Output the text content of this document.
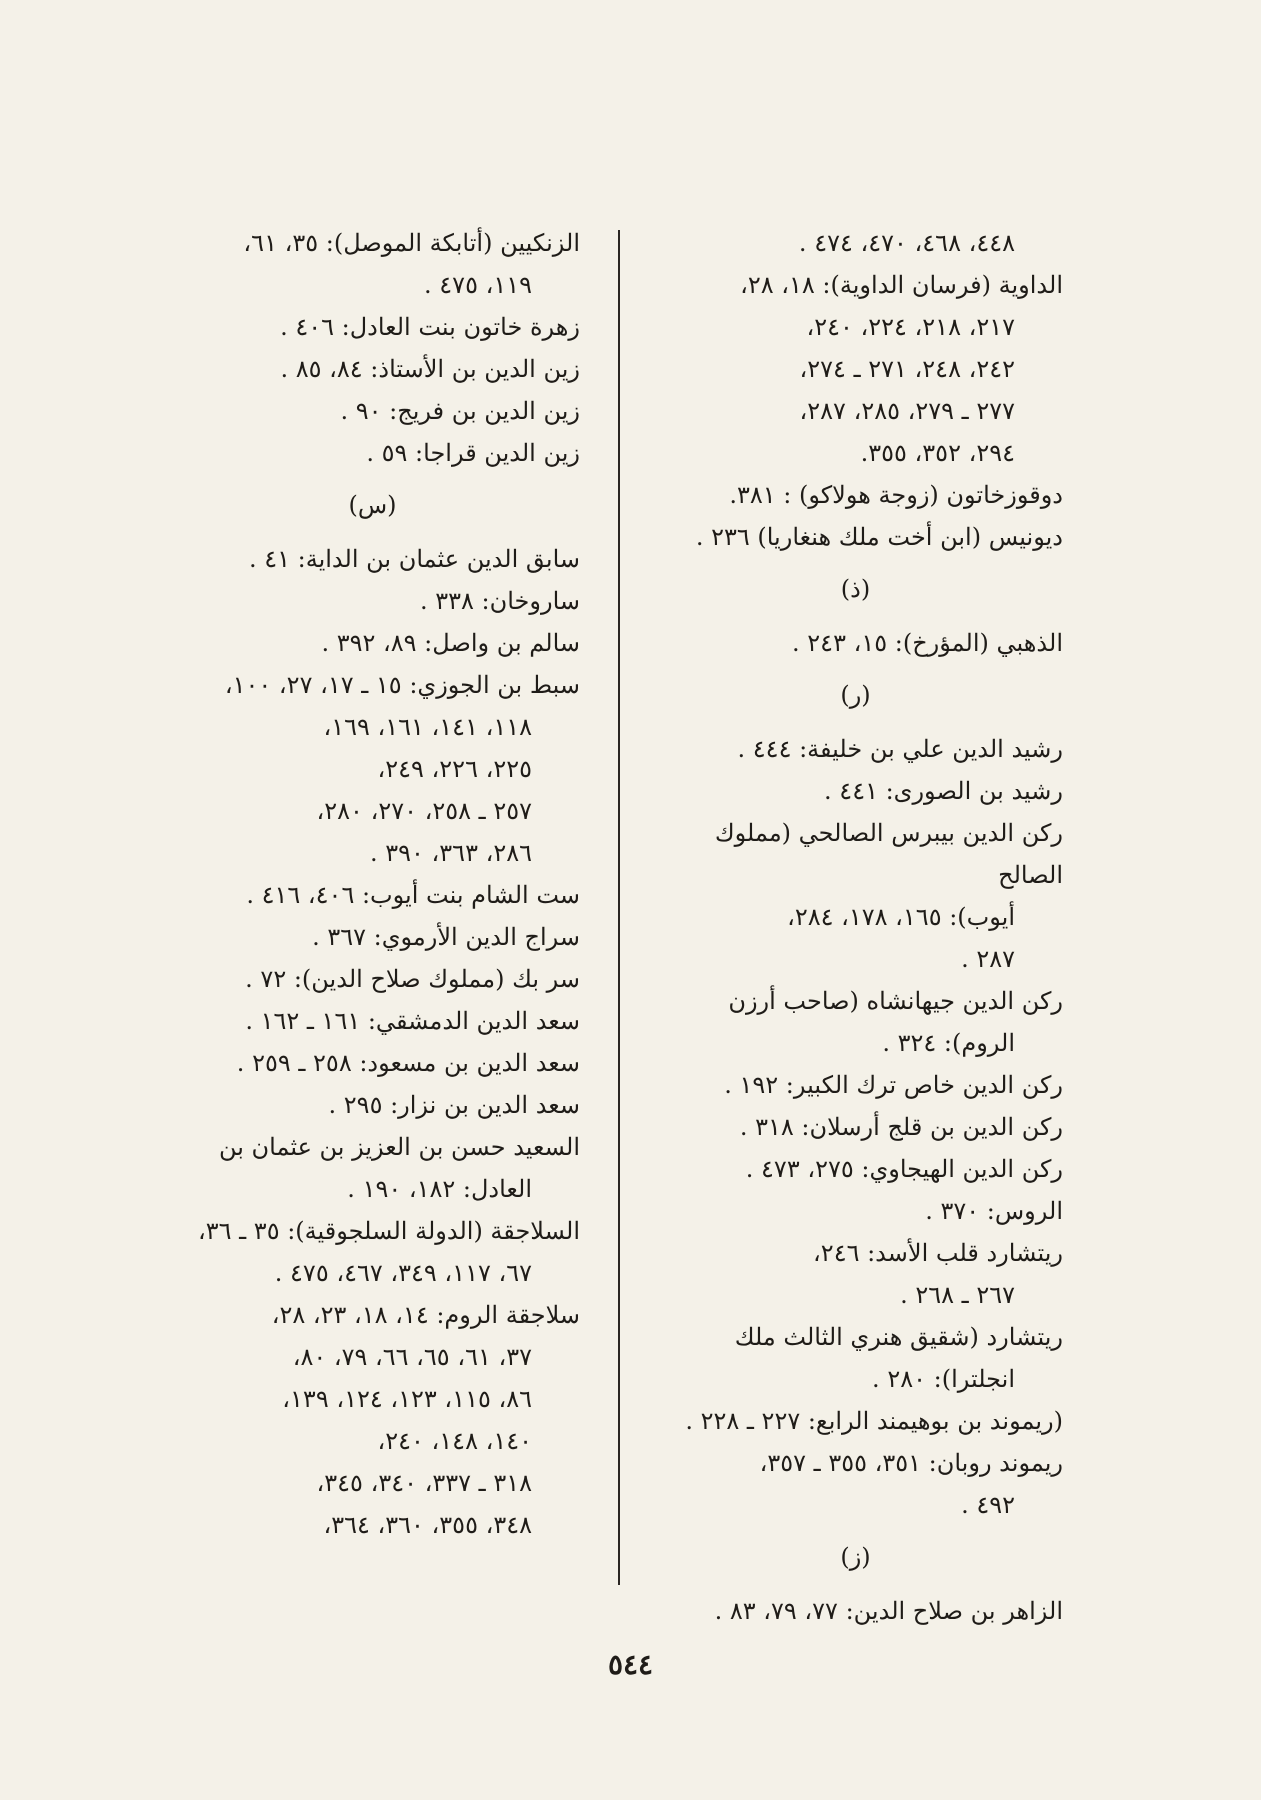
٤٤٨، ٤٦٨، ٤٧٠، ٤٧٤ .
الداوية (فرسان الداوية): ١٨، ٢٨،
٢١٧، ٢١٨، ٢٢٤، ٢٤٠،
٢٤٢، ٢٤٨، ٢٧١ ـ ٢٧٤،
٢٧٧ ـ ٢٧٩، ٢٨٥، ٢٨٧،
٢٩٤، ٣٥٢، ٣٥٥.
دوقوزخاتون (زوجة هولاكو) : ٣٨١.
ديونيس (ابن أخت ملك هنغاريا) ٢٣٦ .
(ذ)
الذهبي (المؤرخ): ١٥، ٢٤٣ .
(ر)
رشيد الدين علي بن خليفة: ٤٤٤ .
رشيد بن الصورى: ٤٤١ .
ركن الدين بيبرس الصالحي (مملوك الصالح
أيوب): ١٦٥، ١٧٨، ٢٨٤،
٢٨٧ .
ركن الدين جيهانشاه (صاحب أرزن
الروم): ٣٢٤ .
ركن الدين خاص ترك الكبير: ١٩٢ .
ركن الدين بن قلج أرسلان: ٣١٨ .
ركن الدين الهيجاوي: ٢٧٥، ٤٧٣ .
الروس: ٣٧٠ .
ريتشارد قلب الأسد: ٢٤٦،
٢٦٧ ـ ٢٦٨ .
ريتشارد (شقيق هنري الثالث ملك
انجلترا): ٢٨٠ .
(ريموند بن بوهيمند الرابع: ٢٢٧ ـ ٢٢٨ .
ريموند روبان: ٣٥١، ٣٥٥ ـ ٣٥٧،
٤٩٢ .
(ز)
الزاهر بن صلاح الدين: ٧٧، ٧٩، ٨٣ .
الزنكيين (أتابكة الموصل): ٣٥، ٦١،
١١٩، ٤٧٥ .
زهرة خاتون بنت العادل: ٤٠٦ .
زين الدين بن الأستاذ: ٨٤، ٨٥ .
زين الدين بن فريج: ٩٠ .
زين الدين قراجا: ٥٩ .
(س)
سابق الدين عثمان بن الداية: ٤١ .
ساروخان: ٣٣٨ .
سالم بن واصل: ٨٩، ٣٩٢ .
سبط بن الجوزي: ١٥ ـ ١٧، ٢٧، ١٠٠،
١١٨، ١٤١، ١٦١، ١٦٩،
٢٢٥، ٢٢٦، ٢٤٩،
٢٥٧ ـ ٢٥٨، ٢٧٠، ٢٨٠،
٢٨٦، ٣٦٣، ٣٩٠ .
ست الشام بنت أيوب: ٤٠٦، ٤١٦ .
سراج الدين الأرموي: ٣٦٧ .
سر بك (مملوك صلاح الدين): ٧٢ .
سعد الدين الدمشقي: ١٦١ ـ ١٦٢ .
سعد الدين بن مسعود: ٢٥٨ ـ ٢٥٩ .
سعد الدين بن نزار: ٢٩٥ .
السعيد حسن بن العزيز بن عثمان بن
العادل: ١٨٢، ١٩٠ .
السلاجقة (الدولة السلجوقية): ٣٥ ـ ٣٦،
٦٧، ١١٧، ٣٤٩، ٤٦٧، ٤٧٥ .
سلاجقة الروم: ١٤، ١٨، ٢٣، ٢٨،
٣٧، ٦١، ٦٥، ٦٦، ٧٩، ٨٠،
٨٦، ١١٥، ١٢٣، ١٢٤، ١٣٩،
١٤٠، ١٤٨، ٢٤٠،
٣١٨ ـ ٣٣٧، ٣٤٠، ٣٤٥،
٣٤٨، ٣٥٥، ٣٦٠، ٣٦٤،
٥٤٤
